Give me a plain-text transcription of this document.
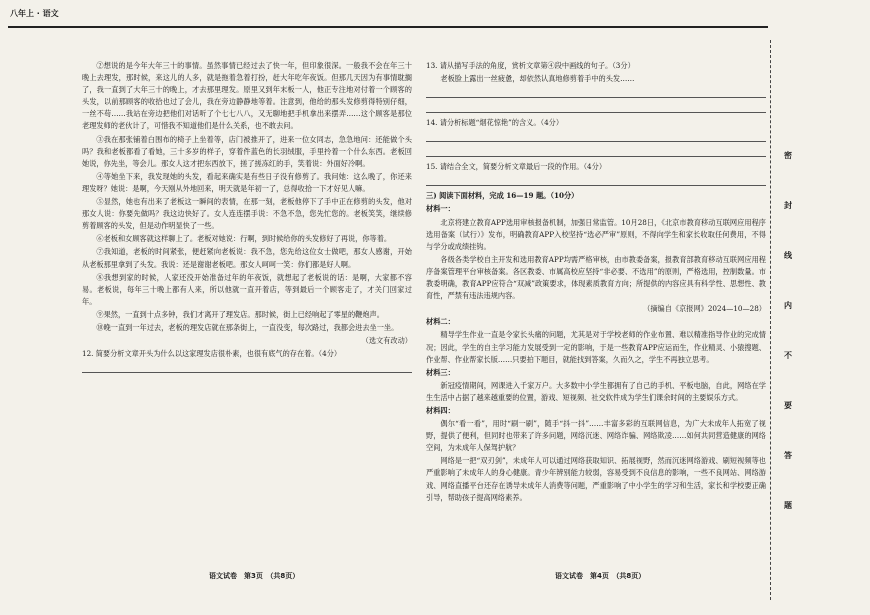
八年上 · 语文

②想说的是今年大年三十的事情。虽然事情已经过去了快一年，但印象很深。一般我不会在年三十晚上去理发，那时候，来这儿的人多，就是拖着急着打扮，赶大年吃年夜饭。但那几天因为有事情耽搁了，我一直到了大年三十的晚上，才去那里理发。原里又到年末板一人，他正专注地对付着一个顾客的头发，以前那顾客的收拾也过了会儿，我在旁边静静地等着。注意到，他给的那头发修剪得特别仔细，一丝不苟……我站在旁边把他们对话听了个七七八八，又无聊地把手机拿出来摆弄……这个顾客是那位老理发师的老伙计了，可惜我不知道他们是什么关系，也不敢去问。

③我在那张铺着白围布的椅子上坐着等，店门被推开了，进来一位女同志，急急地问：还能做个头吗？我和老板都看了看她，三十多岁的样子，穿着件蓝色的长羽绒服，手里拎着一个什么东西。老板回她说，你先坐，等会儿。那女人这才把东西放下，搓了搓冻红的手，笑着说：外面好冷啊。

④等她坐下来，我发现她的头发，看起来确实是有些日子没有修剪了。我问她：这么晚了，你还来理发呀？她说：是啊，今天刚从外地回来，明天就是年初一了，总得收拾一下才好见人嘛。

⑤显然，她也有出来了老板这一瞬间的表情，在那一刻，老板他停下了手中正在修剪的头发，他对那女人说：你要先做吗？我这边快好了。女人连连摆手说：不急不急，您先忙您的。老板笑笑，继续修剪着顾客的头发，但是动作明显快了一些。

⑥老板和女顾客就这样聊上了。老板对她说：行啊，到时候给你的头发修好了再说，你等着。

⑦我知道，老板的时间紧张，便赶紧向老板说：我不急，您先给这位女士做吧，那女人感谢，开始从老板那里拿到了头发。我说：还是谢谢老板吧。那女人呵呵一笑：你们都是好人啊。

⑧我想到家的时候，人家还没开始准备过年的年夜饭，就想起了老板说的话：是啊，大家都不容易。老板说，每年三十晚上都有人来，所以他就一直开着店，等到最后一个顾客走了，才关门回家过年。

⑨果然，一直到十点多钟，我们才离开了理发店。那时候，街上已经响起了零星的鞭炮声。

⑩晚一直到一年过去，老板的理发店就在那条街上，一直没变，每次路过，我都会进去坐一坐。

（选文有改动）

12. 简要分析文章开头为什么以这家理发店很朴素，也很有底气的存在着。（4分）

13. 请从描写手法的角度，赏析文章第④段中画线的句子。（3分）

老板脸上露出一丝疲惫，却依然认真地修剪着手中的头发……

14. 请分析标题“烟花惊艳”的含义。（4分）

15. 请结合全文，简要分析文章最后一段的作用。（4分）

三) 阅读下面材料，完成 16—19 题。（10分）

材料一：

北京将建立教育APP选用审核报备机制，加强日常监管。10月28日，《北京市教育移动互联网应用程序选用备案（试行）》发布，明确教育APP入校坚持“选必严审”原则，不得向学生和家长收取任何费用，不得与学分或成绩挂钩。

各级各类学校自主开发和选用教育APP均需严格审核，由市教委备案，报教育部教育移动互联网应用程序备案管理平台审核备案。各区教委、市属高校应坚持“非必要、不选用”的原则，严格选用，控制数量。市教委明确，教育APP应符合“双减”政策要求，体现素质教育方向；所提供的内容应具有科学性、思想性、教育性，严禁有违法违规内容。

（摘编自《京报网》2024—10—28）

材料二：

精导学生作业一直是令家长头痛的问题，尤其是对于学校老师的作业布置、难以精准指导作业的完成情况；因此，学生的自主学习能力发展受到一定的影响，于是一些教育APP应运而生，作业精灵、小猿搜题、作业帮、作业帮家长版……只要拍下题目，就能找到答案，久而久之，学生不再独立思考。

材料三：

新冠疫情期间，网课进入千家万户。大多数中小学生都拥有了自己的手机、平板电脑，自此，网络在学生生活中占据了越来越重要的位置，游戏、短视频、社交软件成为学生们课余时间的主要娱乐方式。

材料四：

偶尔“看一看”，用时“刷一刷”，随手“抖一抖”……丰富多彩的互联网信息，为广大未成年人拓宽了视野，提供了便利，但同时也带来了许多问题，网络沉迷、网络诈骗、网络欺凌……如何共同营造健康的网络空间，为未成年人保驾护航？

网络是一把“双刃剑”，未成年人可以通过网络获取知识、拓展视野，然而沉迷网络游戏、刷短视频等也严重影响了未成年人的身心健康。青少年辨别能力较弱，容易受到不良信息的影响，一些不良网站、网络游戏、网络直播平台还存在诱导未成年人消费等问题，严重影响了中小学生的学习和生活，家长和学校要正确引导，帮助孩子提高网络素养。

语文试卷　第3页　（共8页）	语文试卷　第4页　（共8页）
密
封
线
内
不
要
答
题
